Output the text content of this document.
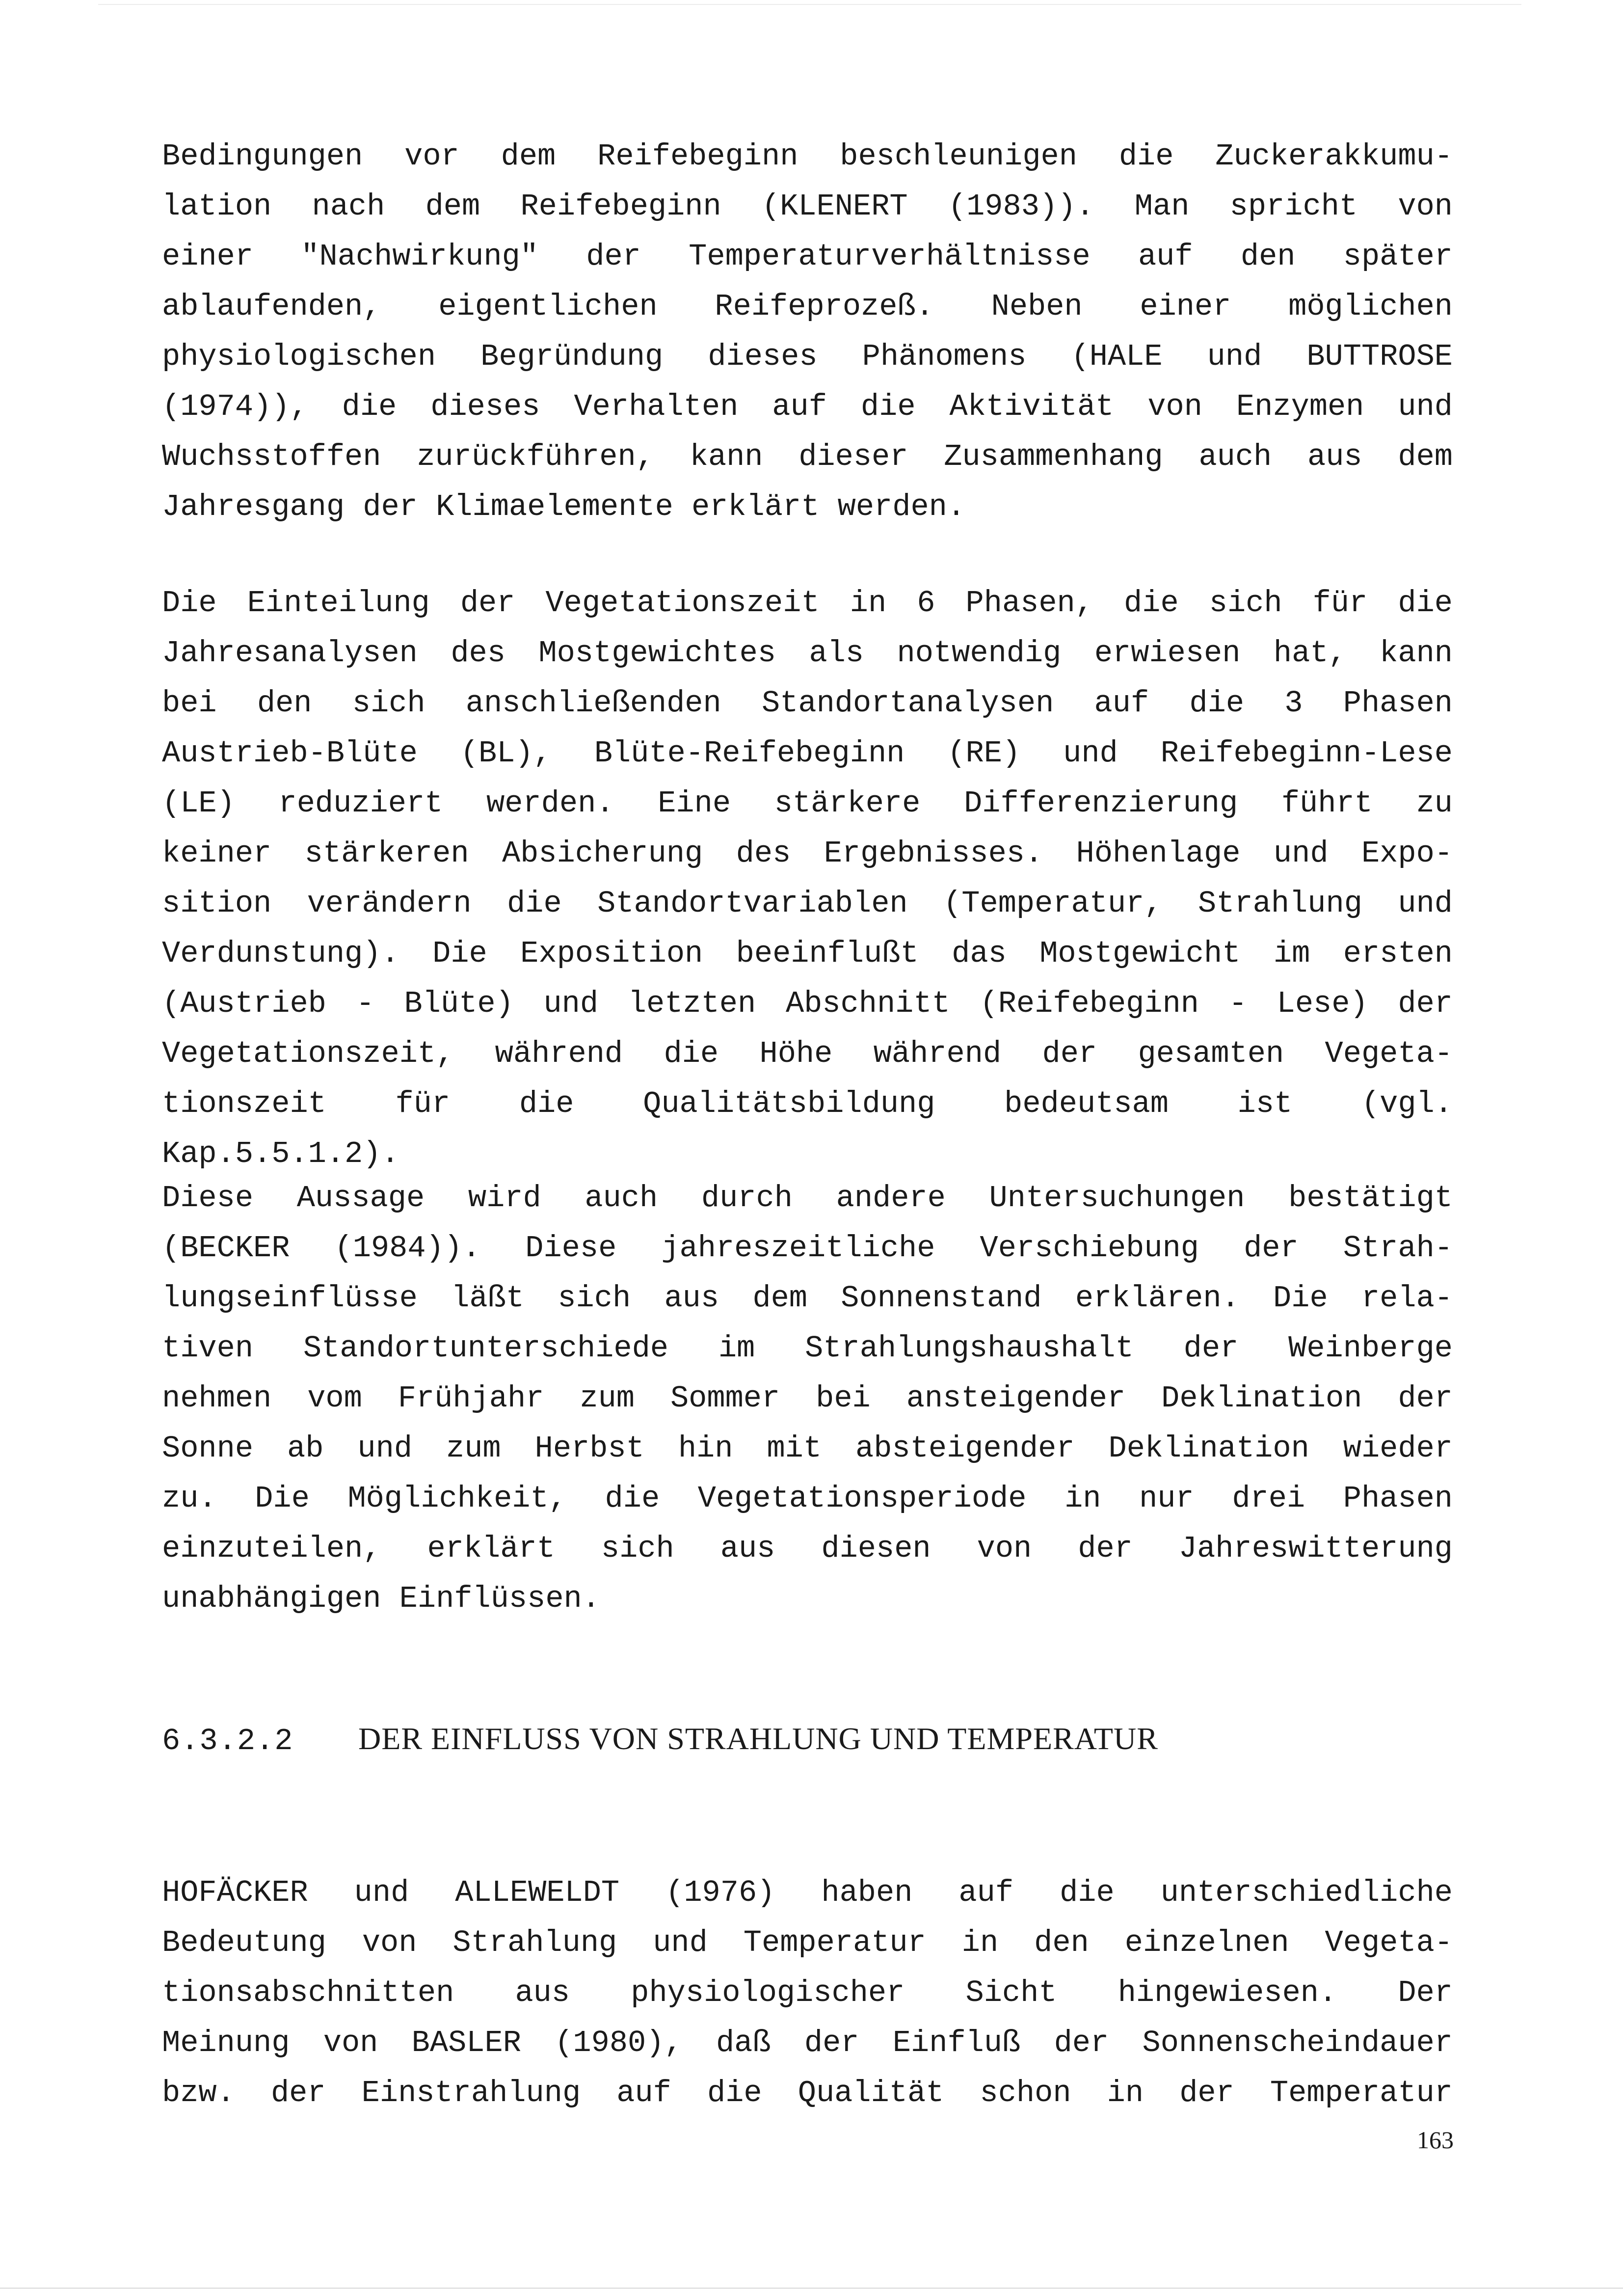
Bedingungen vor dem Reifebeginn beschleunigen die Zuckerakkumu-
lation nach dem Reifebeginn (KLENERT (1983)). Man spricht von
einer "Nachwirkung" der Temperaturverhältnisse auf den später
ablaufenden, eigentlichen Reifeprozeß. Neben einer möglichen
physiologischen Begründung dieses Phänomens (HALE und BUTTROSE
(1974)), die dieses Verhalten auf die Aktivität von Enzymen und
Wuchsstoffen zurückführen, kann dieser Zusammenhang auch aus dem
Jahresgang der Klimaelemente erklärt werden.
Die Einteilung der Vegetationszeit in 6 Phasen, die sich für die
Jahresanalysen des Mostgewichtes als notwendig erwiesen hat, kann
bei den sich anschließenden Standortanalysen auf die 3 Phasen
Austrieb-Blüte (BL), Blüte-Reifebeginn (RE) und Reifebeginn-Lese
(LE) reduziert werden. Eine stärkere Differenzierung führt zu
keiner stärkeren Absicherung des Ergebnisses. Höhenlage und Expo-
sition verändern die Standortvariablen (Temperatur, Strahlung und
Verdunstung). Die Exposition beeinflußt das Mostgewicht im ersten
(Austrieb - Blüte) und letzten Abschnitt (Reifebeginn - Lese) der
Vegetationszeit, während die Höhe während der gesamten Vegeta-
tionszeit für die Qualitätsbildung bedeutsam ist (vgl.
Kap.5.5.1.2).
Diese Aussage wird auch durch andere Untersuchungen bestätigt
(BECKER (1984)). Diese jahreszeitliche Verschiebung der Strah-
lungseinflüsse läßt sich aus dem Sonnenstand erklären. Die rela-
tiven Standortunterschiede im Strahlungshaushalt der Weinberge
nehmen vom Frühjahr zum Sommer bei ansteigender Deklination der
Sonne ab und zum Herbst hin mit absteigender Deklination wieder
zu. Die Möglichkeit, die Vegetationsperiode in nur drei Phasen
einzuteilen, erklärt sich aus diesen von der Jahreswitterung
unabhängigen Einflüssen.
6.3.2.2 DER EINFLUSS VON STRAHLUNG UND TEMPERATUR
HOFÄCKER und ALLEWELDT (1976) haben auf die unterschiedliche
Bedeutung von Strahlung und Temperatur in den einzelnen Vegeta-
tionsabschnitten aus physiologischer Sicht hingewiesen. Der
Meinung von BASLER (1980), daß der Einfluß der Sonnenscheindauer
bzw. der Einstrahlung auf die Qualität schon in der Temperatur
163
